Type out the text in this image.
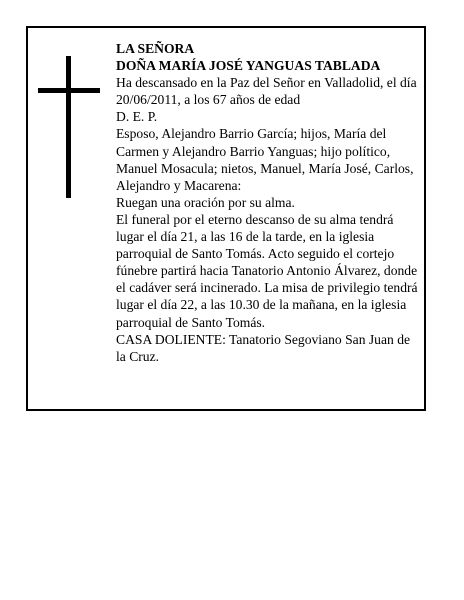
LA SEÑORA

DOÑA MARÍA JOSÉ YANGUAS TABLADA

Ha descansado en la Paz del Señor en Valladolid, el día 20/06/2011, a los 67 años de edad

D. E. P.

Esposo, Alejandro Barrio García; hijos, María del Carmen y Alejandro Barrio Yanguas; hijo político, Manuel Mosacula; nietos, Manuel, María José, Carlos, Alejandro y Macarena:

Ruegan una oración por su alma.

El funeral por el eterno descanso de su alma tendrá lugar el día 21, a las 16 de la tarde, en la iglesia parroquial de Santo Tomás. Acto seguido el cortejo fúnebre partirá hacia Tanatorio Antonio Álvarez, donde el cadáver será incinerado. La misa de privilegio tendrá lugar el día 22, a las 10.30 de la mañana, en la iglesia parroquial de Santo Tomás.

CASA DOLIENTE: Tanatorio Segoviano San Juan de la Cruz.
